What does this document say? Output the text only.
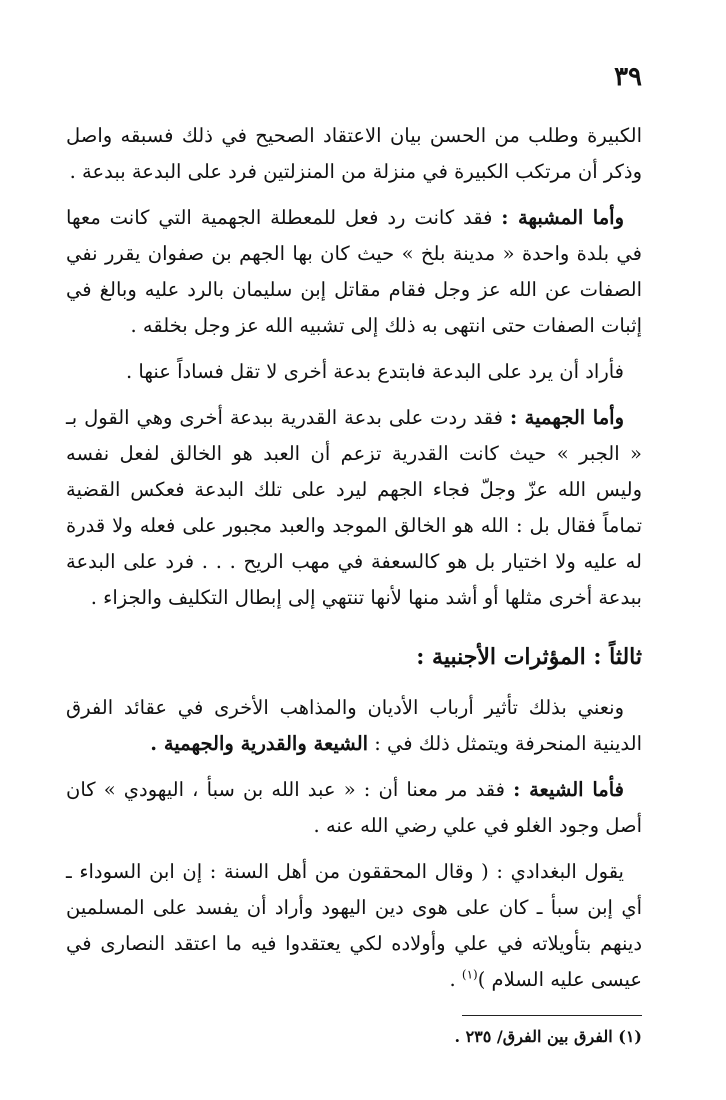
٣٩

الكبيرة وطلب من الحسن بيان الاعتقاد الصحيح في ذلك فسبقه واصل وذكر أن مرتكب الكبيرة في منزلة من المنزلتين فرد على البدعة ببدعة .

وأما المشبهة : فقد كانت رد فعل للمعطلة الجهمية التي كانت معها في بلدة واحدة « مدينة بلخ » حيث كان بها الجهم بن صفوان يقرر نفي الصفات عن الله عز وجل فقام مقاتل إبن سليمان بالرد عليه وبالغ في إثبات الصفات حتى انتهى به ذلك إلى تشبيه الله عز وجل بخلقه .

فأراد أن يرد على البدعة فابتدع بدعة أخرى لا تقل فساداً عنها .

وأما الجهمية : فقد ردت على بدعة القدرية ببدعة أخرى وهي القول بـ « الجبر » حيث كانت القدرية تزعم أن العبد هو الخالق لفعل نفسه وليس الله عزّ وجلّ فجاء الجهم ليرد على تلك البدعة فعكس القضية تماماً فقال بل : الله هو الخالق الموجد والعبد مجبور على فعله ولا قدرة له عليه ولا اختيار بل هو كالسعفة في مهب الريح . . . فرد على البدعة ببدعة أخرى مثلها أو أشد منها لأنها تنتهي إلى إبطال التكليف والجزاء .

ثالثاً : المؤثرات الأجنبية :

ونعني بذلك تأثير أرباب الأديان والمذاهب الأخرى في عقائد الفرق الدينية المنحرفة ويتمثل ذلك في : الشيعة والقدرية والجهمية .

فأما الشيعة : فقد مر معنا أن : « عبد الله بن سبأ ، اليهودي » كان أصل وجود الغلو في علي رضي الله عنه .

يقول البغدادي : ( وقال المحققون من أهل السنة : إن ابن السوداء ـ أي إبن سبأ ـ كان على هوى دين اليهود وأراد أن يفسد على المسلمين دينهم بتأويلاته في علي وأولاده لكي يعتقدوا فيه ما اعتقد النصارى في عيسى عليه السلام )$^{(١)}$ .

(١) الفرق بين الفرق/ ٢٣٥ .
